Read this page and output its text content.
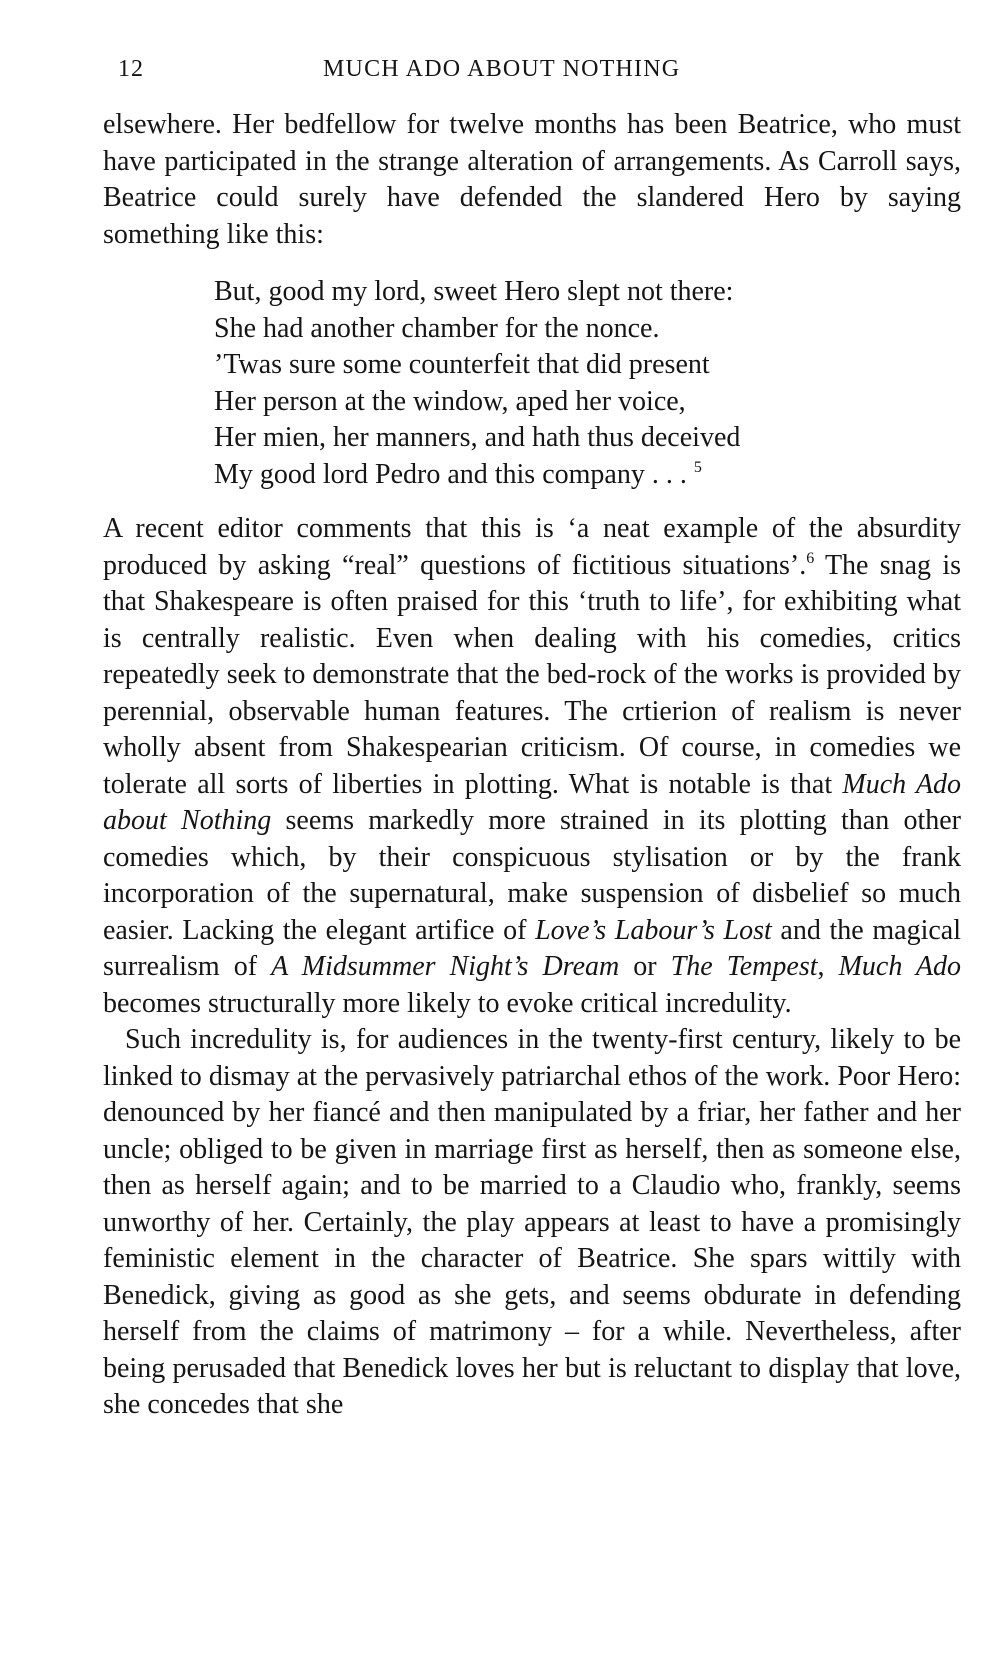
12	MUCH ADO ABOUT NOTHING

elsewhere. Her bedfellow for twelve months has been Beatrice, who must have participated in the strange alteration of arrangements. As Carroll says, Beatrice could surely have defended the slandered Hero by saying something like this:

But, good my lord, sweet Hero slept not there:
She had another chamber for the nonce.
’Twas sure some counterfeit that did present
Her person at the window, aped her voice,
Her mien, her manners, and hath thus deceived
My good lord Pedro and this company . . . $^5$

A recent editor comments that this is ‘a neat example of the absurdity produced by asking “real” questions of fictitious situations’.$^6$ The snag is that Shakespeare is often praised for this ‘truth to life’, for exhibiting what is centrally realistic. Even when dealing with his comedies, critics repeatedly seek to demonstrate that the bed-rock of the works is provided by perennial, observable human features. The crtierion of realism is never wholly absent from Shakespearian criticism. Of course, in comedies we tolerate all sorts of liberties in plotting. What is notable is that Much Ado about Nothing seems markedly more strained in its plotting than other comedies which, by their conspicuous stylisation or by the frank incorporation of the supernatural, make suspension of disbelief so much easier. Lacking the elegant artifice of Love’s Labour’s Lost and the magical surrealism of A Midsummer Night’s Dream or The Tempest, Much Ado becomes structurally more likely to evoke critical incredulity.

Such incredulity is, for audiences in the twenty-first century, likely to be linked to dismay at the pervasively patriarchal ethos of the work. Poor Hero: denounced by her fiancé and then manipulated by a friar, her father and her uncle; obliged to be given in marriage first as herself, then as someone else, then as herself again; and to be married to a Claudio who, frankly, seems unworthy of her. Certainly, the play appears at least to have a promisingly feministic element in the character of Beatrice. She spars wittily with Benedick, giving as good as she gets, and seems obdurate in defending herself from the claims of matrimony – for a while. Nevertheless, after being perusaded that Benedick loves her but is reluctant to display that love, she concedes that she
